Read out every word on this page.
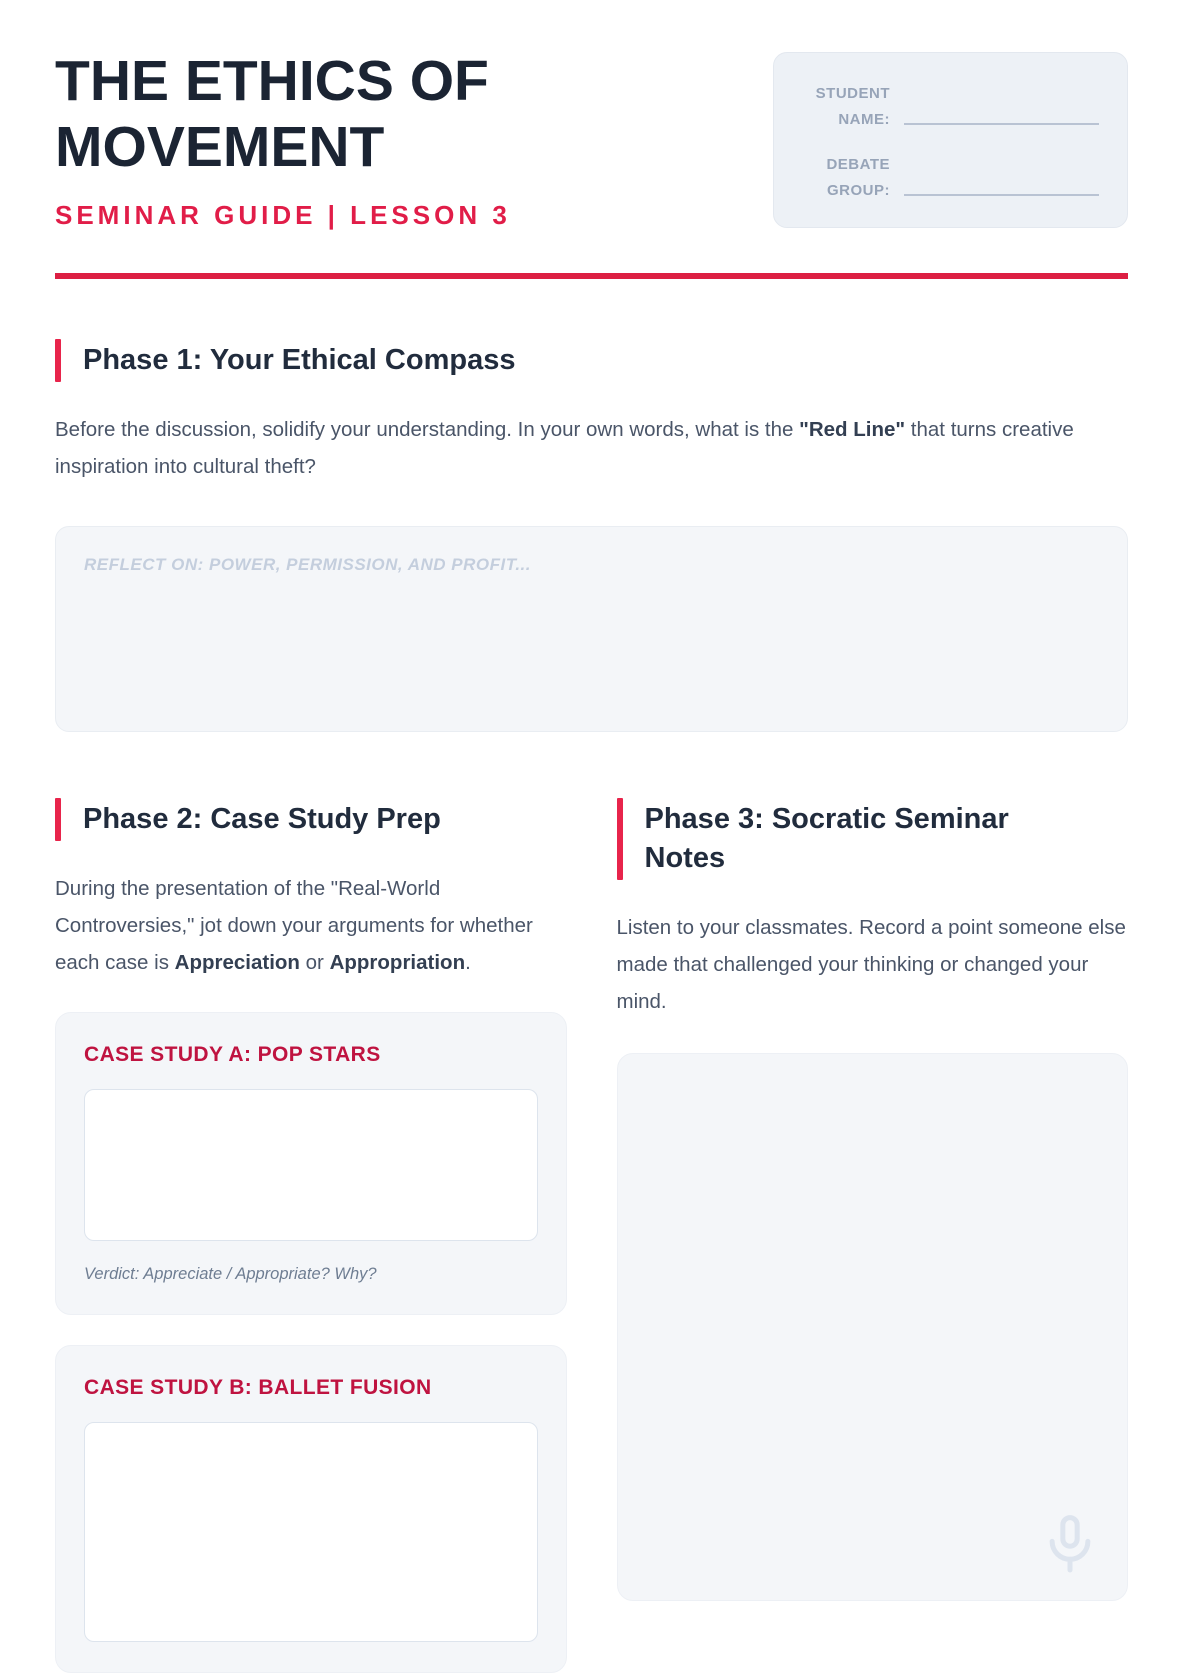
THE ETHICS OF
MOVEMENT
SEMINAR GUIDE | LESSON 3
STUDENT NAME:
DEBATE GROUP:
Phase 1: Your Ethical Compass

Before the discussion, solidify your understanding. In your own words, what is the "Red Line" that turns creative inspiration into cultural theft?

REFLECT ON: POWER, PERMISSION, AND PROFIT...
Phase 2: Case Study Prep

During the presentation of the "Real-World Controversies," jot down your arguments for whether each case is Appreciation or Appropriation.

CASE STUDY A: POP STARS
Verdict: Appreciate / Appropriate? Why?
CASE STUDY B: BALLET FUSION
Phase 3: Socratic Seminar
Notes

Listen to your classmates. Record a point someone else made that challenged your thinking or changed your mind.
